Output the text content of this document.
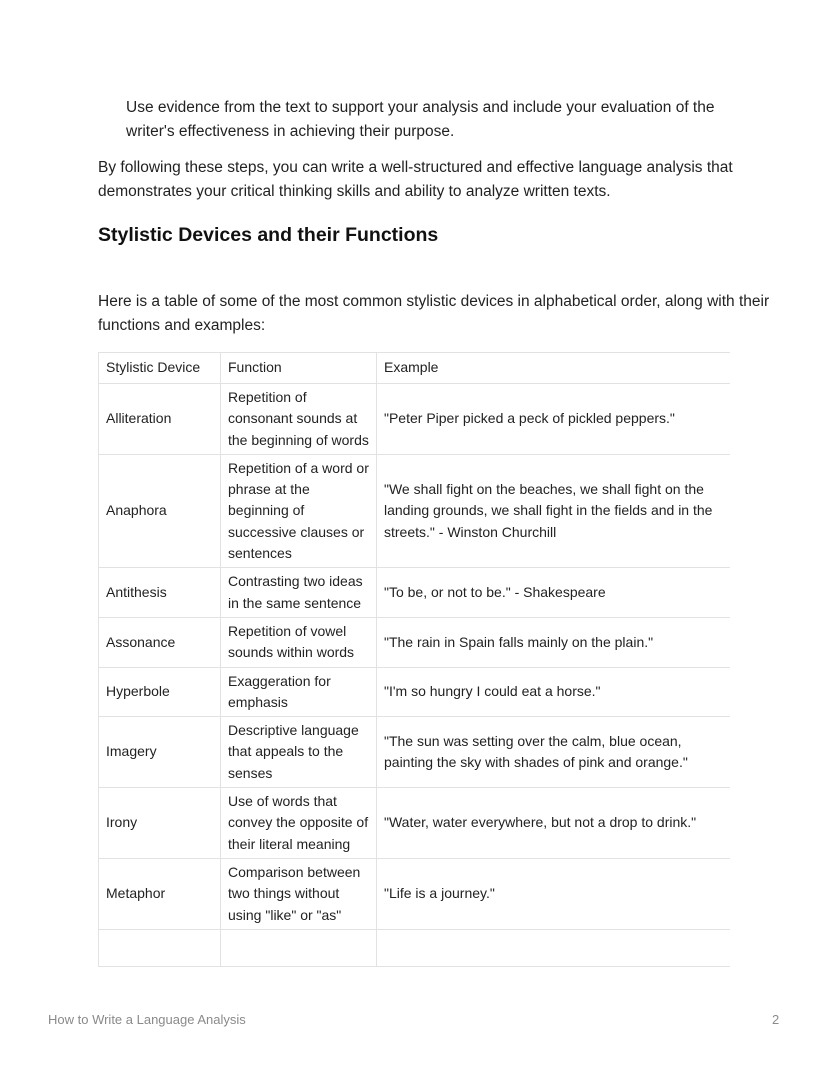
Use evidence from the text to support your analysis and include your evaluation of the writer's effectiveness in achieving their purpose.

By following these steps, you can write a well-structured and effective language analysis that demonstrates your critical thinking skills and ability to analyze written texts.

Stylistic Devices and their Functions

Here is a table of some of the most common stylistic devices in alphabetical order, along with their functions and examples:

Stylistic Device	Function	Example
Alliteration	Repetition of consonant sounds at the beginning of words	"Peter Piper picked a peck of pickled peppers."
Anaphora	Repetition of a word or phrase at the beginning of successive clauses or sentences	"We shall fight on the beaches, we shall fight on the landing grounds, we shall fight in the fields and in the streets." - Winston Churchill
Antithesis	Contrasting two ideas in the same sentence	"To be, or not to be." - Shakespeare
Assonance	Repetition of vowel sounds within words	"The rain in Spain falls mainly on the plain."
Hyperbole	Exaggeration for emphasis	"I'm so hungry I could eat a horse."
Imagery	Descriptive language that appeals to the senses	"The sun was setting over the calm, blue ocean, painting the sky with shades of pink and orange."
Irony	Use of words that convey the opposite of their literal meaning	"Water, water everywhere, but not a drop to drink."
Metaphor	Comparison between two things without using "like" or "as"	"Life is a journey."

How to Write a Language Analysis	2
